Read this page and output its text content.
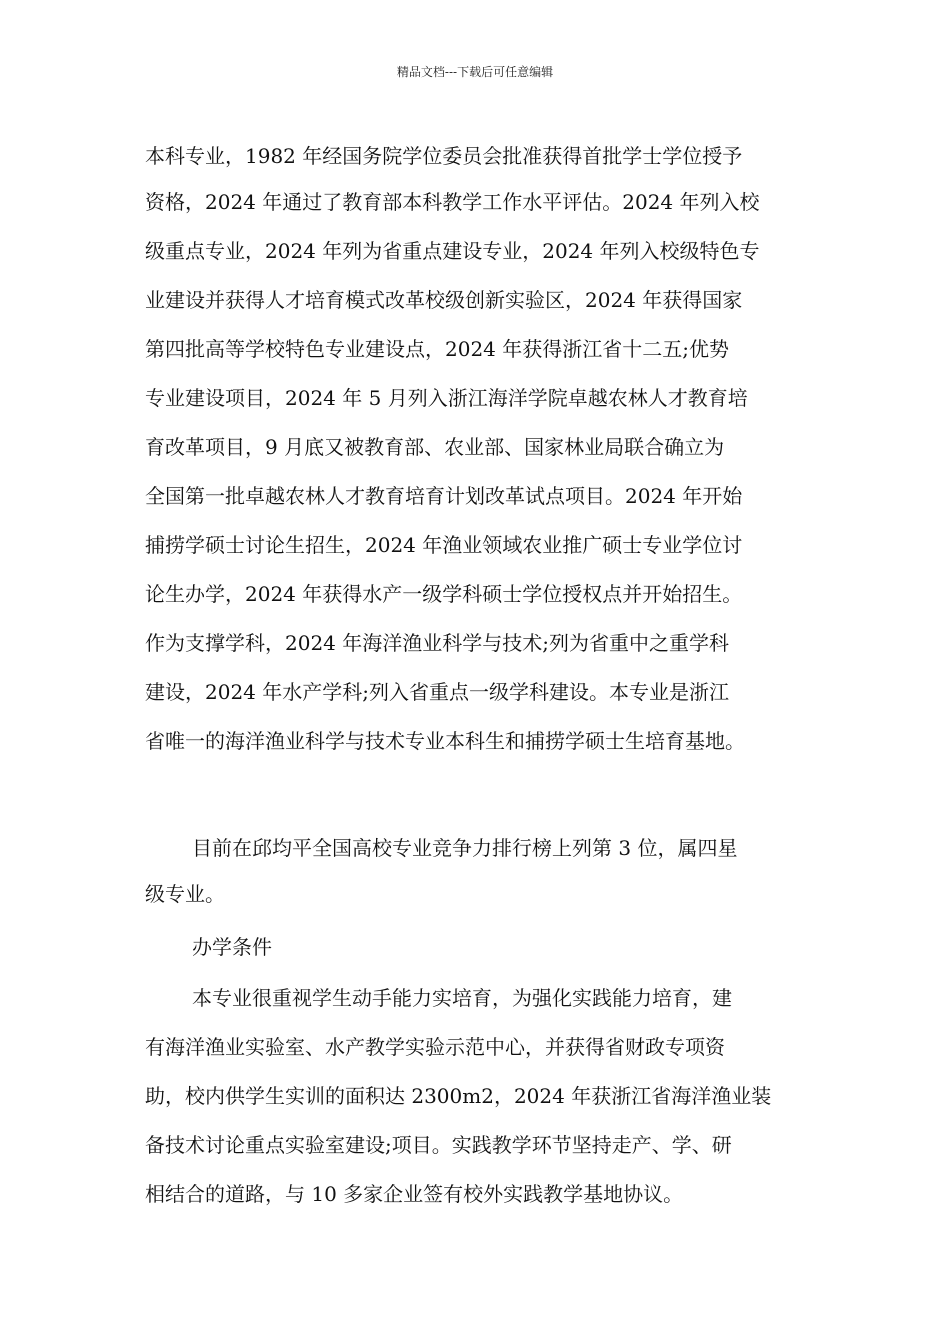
精品文档---下载后可任意编辑
本科专业，1982 年经国务院学位委员会批准获得首批学士学位授予
资格，2024 年通过了教育部本科教学工作水平评估。2024 年列入校
级重点专业，2024 年列为省重点建设专业，2024 年列入校级特色专
业建设并获得人才培育模式改革校级创新实验区，2024 年获得国家
第四批高等学校特色专业建设点，2024 年获得浙江省十二五;优势
专业建设项目，2024 年 5 月列入浙江海洋学院卓越农林人才教育培
育改革项目，9 月底又被教育部、农业部、国家林业局联合确立为
全国第一批卓越农林人才教育培育计划改革试点项目。2024 年开始
捕捞学硕士讨论生招生，2024 年渔业领域农业推广硕士专业学位讨
论生办学，2024 年获得水产一级学科硕士学位授权点并开始招生。
作为支撑学科，2024 年海洋渔业科学与技术;列为省重中之重学科
建设，2024 年水产学科;列入省重点一级学科建设。本专业是浙江
省唯一的海洋渔业科学与技术专业本科生和捕捞学硕士生培育基地。
目前在邱均平全国高校专业竞争力排行榜上列第 3 位，属四星
级专业。
办学条件
本专业很重视学生动手能力实培育，为强化实践能力培育，建
有海洋渔业实验室、水产教学实验示范中心，并获得省财政专项资
助，校内供学生实训的面积达 2300m2，2024 年获浙江省海洋渔业装
备技术讨论重点实验室建设;项目。实践教学环节坚持走产、学、研
相结合的道路，与 10 多家企业签有校外实践教学基地协议。
